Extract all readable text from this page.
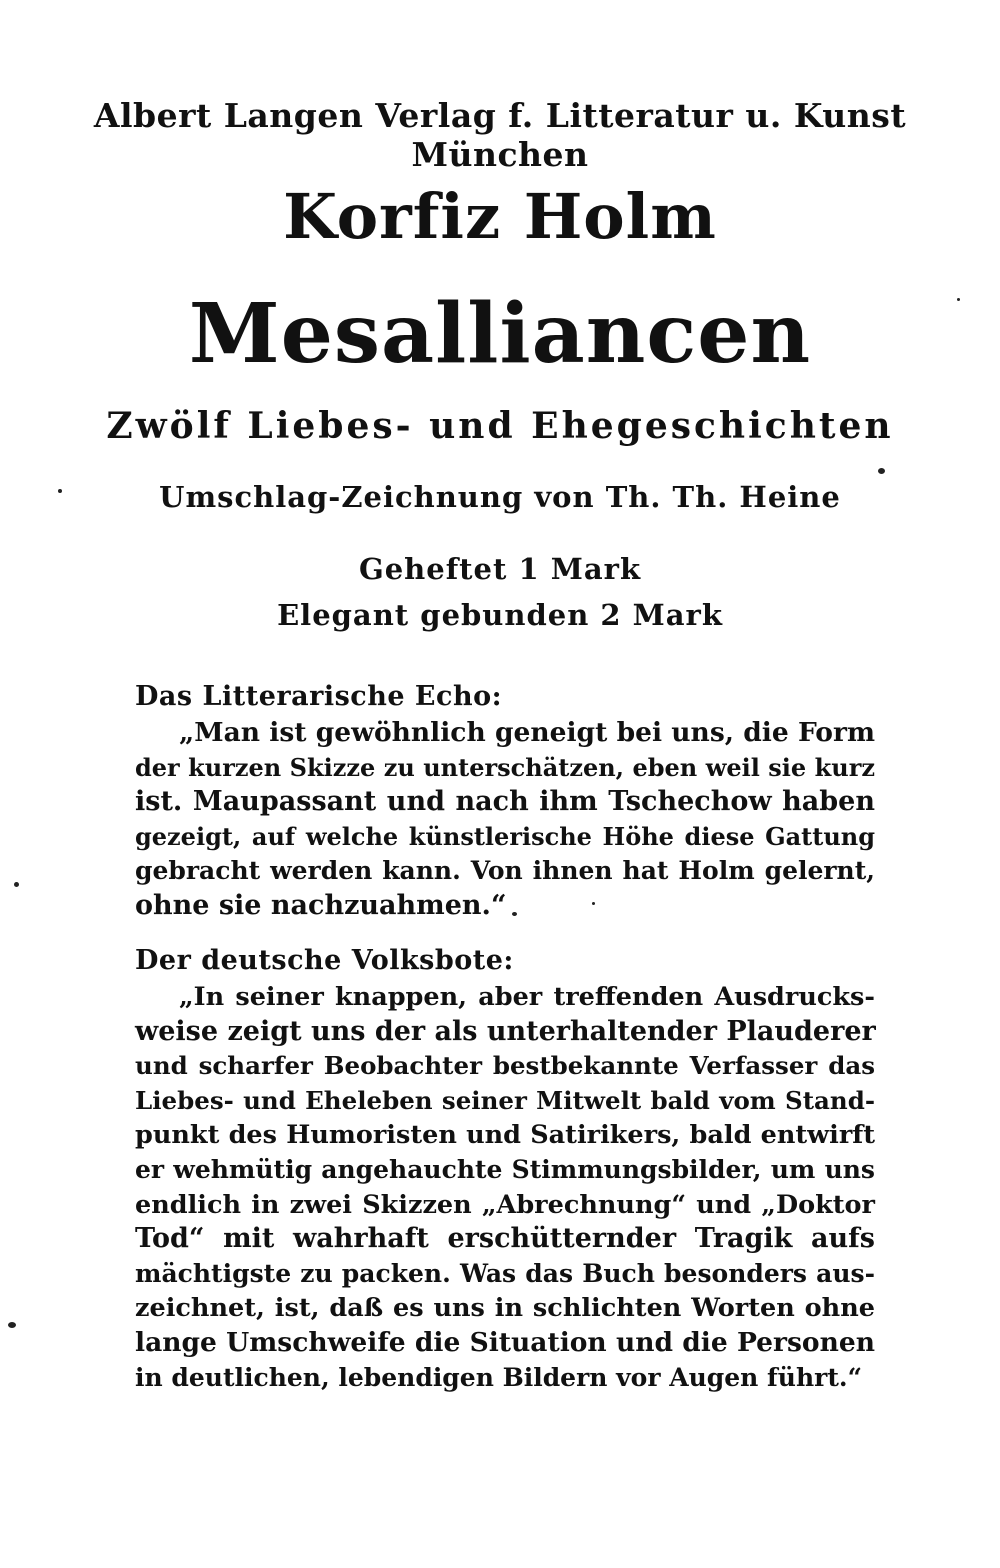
Albert Langen Verlag f. Litteratur u. Kunst München
Korfiz Holm
Mesalliancen
Zwölf Liebes- und Ehegeschichten
Umschlag-Zeichnung von Th. Th. Heine
Geheftet 1 Mark
Elegant gebunden 2 Mark
Das Litterarische Echo:
„Man ist gewöhnlich geneigt bei uns, die Form
der kurzen Skizze zu unterschätzen, eben weil sie kurz
ist. Maupassant und nach ihm Tschechow haben
gezeigt, auf welche künstlerische Höhe diese Gattung
gebracht werden kann. Von ihnen hat Holm gelernt,
ohne sie nachzuahmen.“
Der deutsche Volksbote:
„In seiner knappen, aber treffenden Ausdrucks-
weise zeigt uns der als unterhaltender Plauderer
und scharfer Beobachter bestbekannte Verfasser das
Liebes- und Eheleben seiner Mitwelt bald vom Stand-
punkt des Humoristen und Satirikers, bald entwirft
er wehmütig angehauchte Stimmungsbilder, um uns
endlich in zwei Skizzen „Abrechnung“ und „Doktor
Tod“ mit wahrhaft erschütternder Tragik aufs
mächtigste zu packen. Was das Buch besonders aus-
zeichnet, ist, daß es uns in schlichten Worten ohne
lange Umschweife die Situation und die Personen
in deutlichen, lebendigen Bildern vor Augen führt.“
